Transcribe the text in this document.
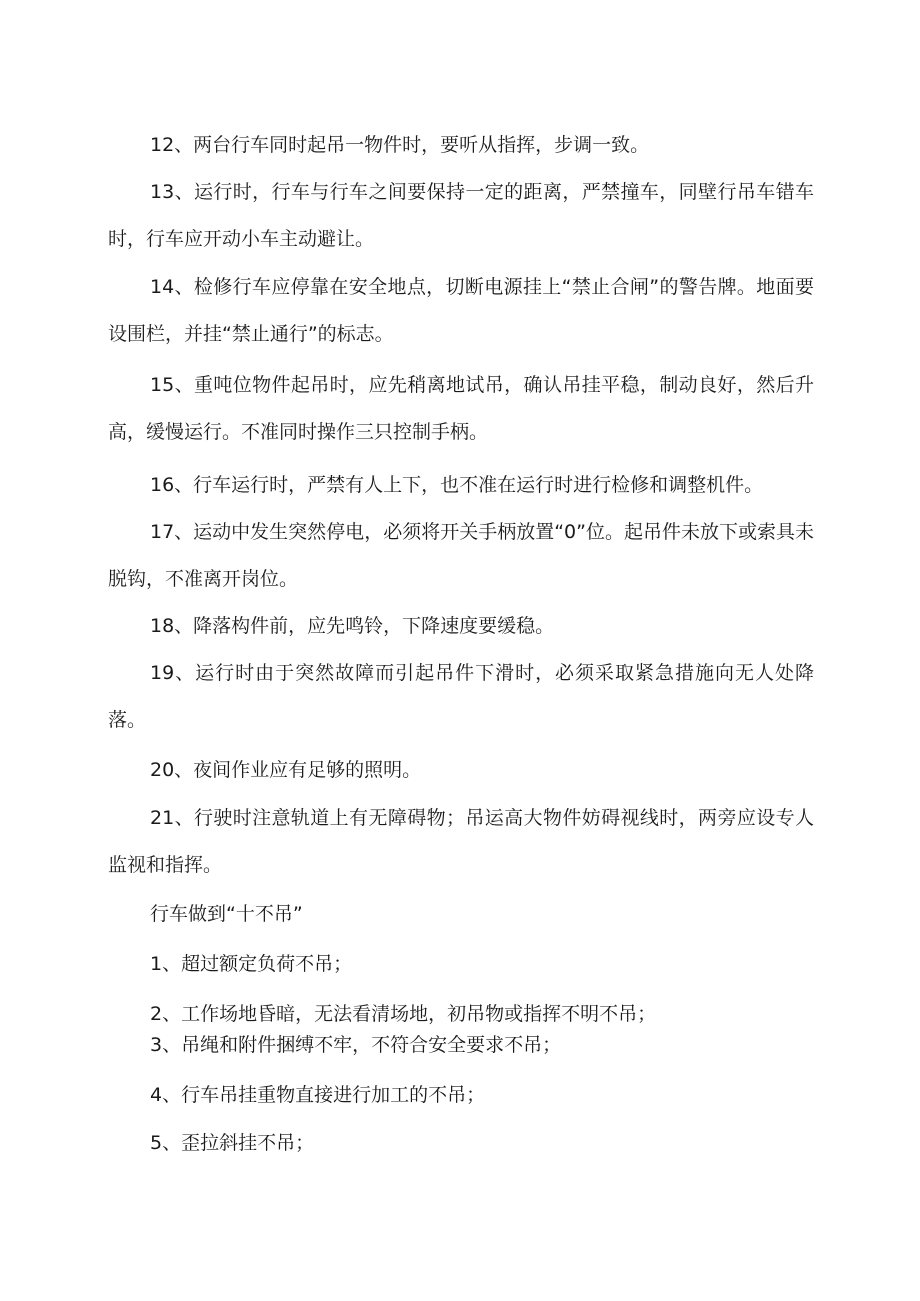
12、两台行车同时起吊一物件时，要听从指挥，步调一致。

13、运行时，行车与行车之间要保持一定的距离，严禁撞车，同壁行吊车错车时，行车应开动小车主动避让。

14、检修行车应停靠在安全地点，切断电源挂上“禁止合闸”的警告牌。地面要设围栏，并挂“禁止通行”的标志。

15、重吨位物件起吊时，应先稍离地试吊，确认吊挂平稳，制动良好，然后升高，缓慢运行。不准同时操作三只控制手柄。

16、行车运行时，严禁有人上下，也不准在运行时进行检修和调整机件。

17、运动中发生突然停电，必须将开关手柄放置“0”位。起吊件未放下或索具未脱钩，不准离开岗位。

18、降落构件前，应先鸣铃，下降速度要缓稳。

19、运行时由于突然故障而引起吊件下滑时，必须采取紧急措施向无人处降落。

20、夜间作业应有足够的照明。

21、行驶时注意轨道上有无障碍物；吊运高大物件妨碍视线时，两旁应设专人监视和指挥。

行车做到“十不吊”

1、超过额定负荷不吊；

2、工作场地昏暗，无法看清场地，初吊物或指挥不明不吊；

3、吊绳和附件捆缚不牢，不符合安全要求不吊；

4、行车吊挂重物直接进行加工的不吊；

5、歪拉斜挂不吊；
